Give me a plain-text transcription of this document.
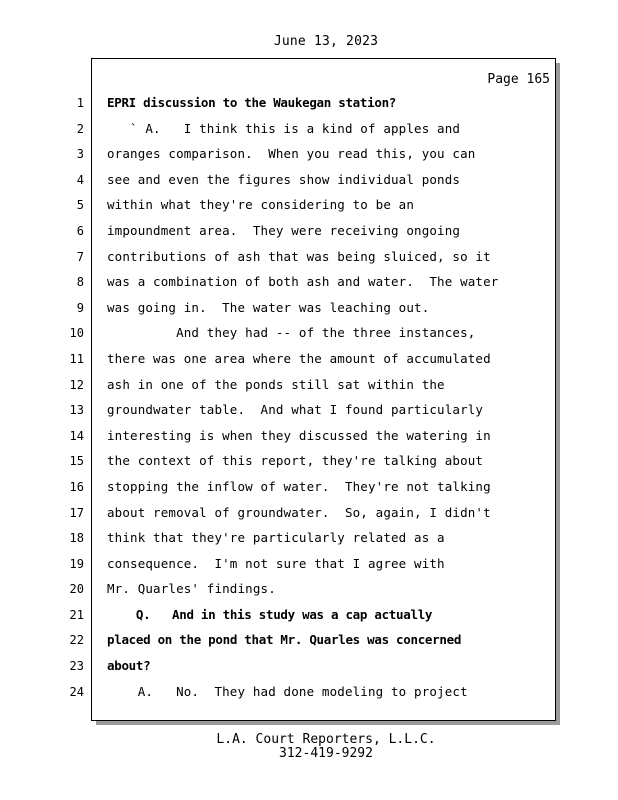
June 13, 2023
Page 165
1
2
3
4
5
6
7
8
9
10
11
12
13
14
15
16
17
18
19
20
21
22
23
24
EPRI discussion to the Waukegan station?
` A.   I think this is a kind of apples and
oranges comparison.  When you read this, you can
see and even the figures show individual ponds
within what they're considering to be an
impoundment area.  They were receiving ongoing
contributions of ash that was being sluiced, so it
was a combination of both ash and water.  The water
was going in.  The water was leaching out.
And they had -- of the three instances,
there was one area where the amount of accumulated
ash in one of the ponds still sat within the
groundwater table.  And what I found particularly
interesting is when they discussed the watering in
the context of this report, they're talking about
stopping the inflow of water.  They're not talking
about removal of groundwater.  So, again, I didn't
think that they're particularly related as a
consequence.  I'm not sure that I agree with
Mr. Quarles' findings.
Q.   And in this study was a cap actually
placed on the pond that Mr. Quarles was concerned
about?
A.   No.  They had done modeling to project
L.A. Court Reporters, L.L.C.
312-419-9292
